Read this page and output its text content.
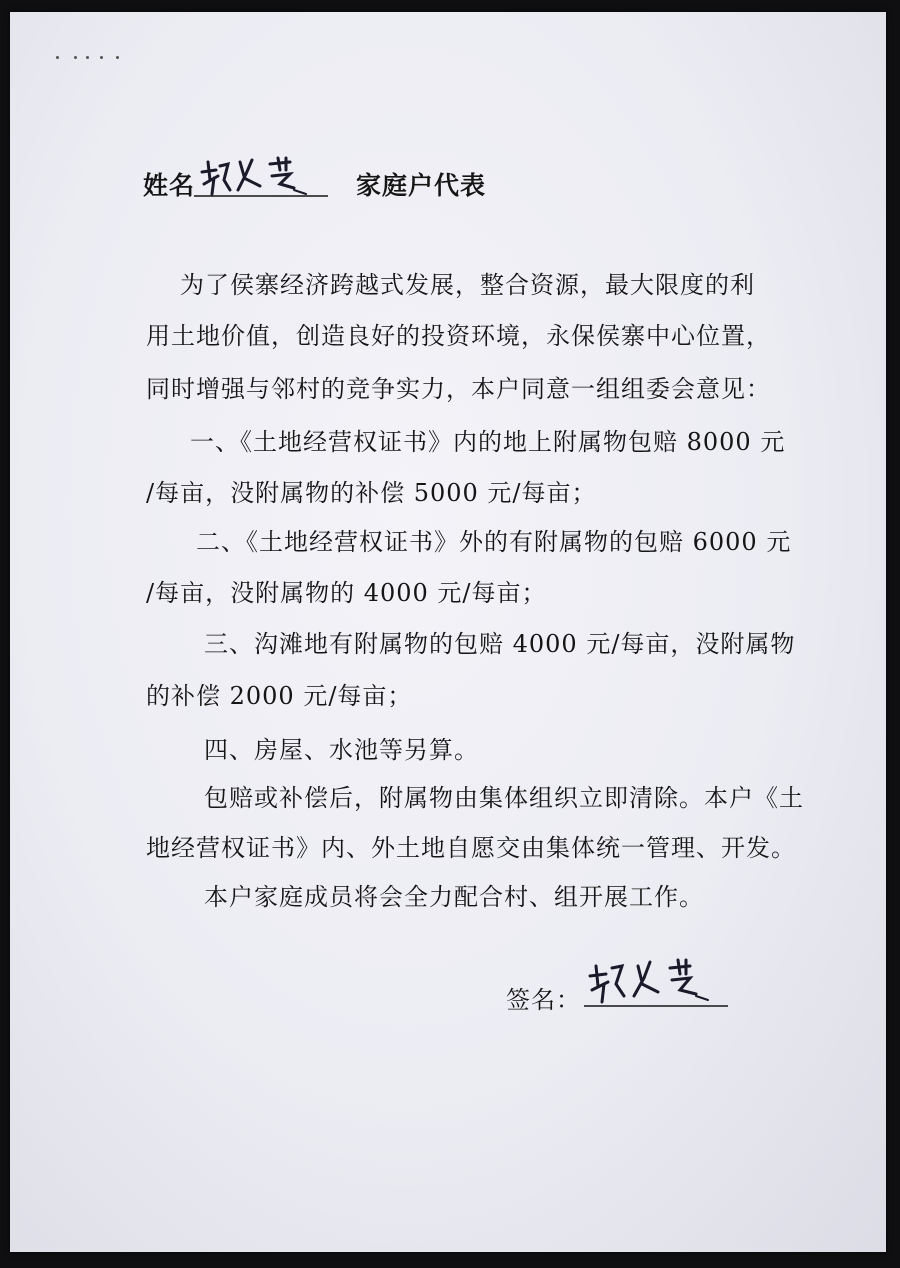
姓名	家庭户代表
为了侯寨经济跨越式发展，整合资源，最大限度的利
用土地价值，创造良好的投资环境，永保侯寨中心位置，
同时增强与邻村的竞争实力，本户同意一组组委会意见：
一、《土地经营权证书》内的地上附属物包赔 8000 元
/每亩，没附属物的补偿 5000 元/每亩；
二、《土地经营权证书》外的有附属物的包赔 6000 元
/每亩，没附属物的 4000 元/每亩；
三、沟滩地有附属物的包赔 4000 元/每亩，没附属物
的补偿 2000 元/每亩；
四、房屋、水池等另算。
包赔或补偿后，附属物由集体组织立即清除。本户《土
地经营权证书》内、外土地自愿交由集体统一管理、开发。
本户家庭成员将会全力配合村、组开展工作。
签名：
